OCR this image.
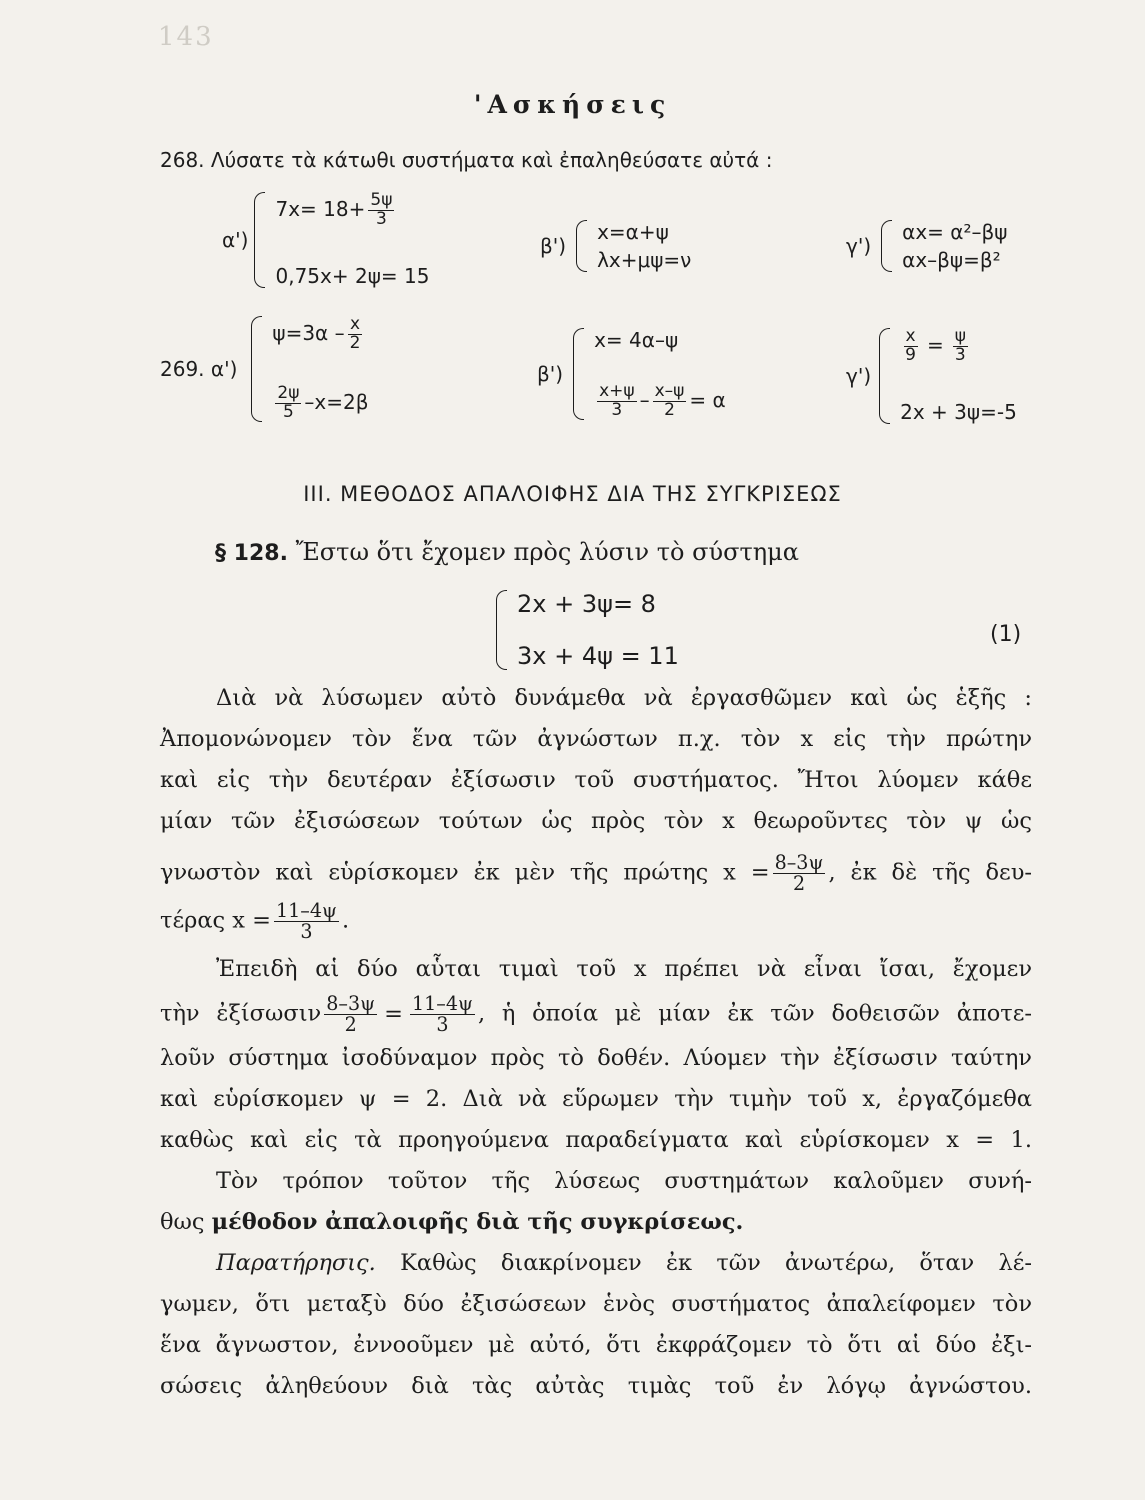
143
'Ασκήσεις
268. Λύσατε τὰ κάτωθι συστήματα καὶ ἐπαληθεύσατε αὐτά :
α')
$7x= 18+ \frac{5\psi}{3}$
0,75x+ 2ψ= 15
β')
x=α+ψ
λx+μψ=ν
γ')
αx= α²–βψ
αx–βψ=β²
269. α')
$\psi=3\alpha - \frac{x}{2}$
$\frac{2\psi}{5} -x=2\beta$
β')
x= 4α–ψ
$\frac{x+\psi}{3} - \frac{x-\psi}{2} = \alpha$
γ')
$\frac{x}{9} = \frac{\psi}{3}$
2x + 3ψ=-5
III. ΜΕΘΟΔΟΣ ΑΠΑΛΟΙΦΗΣ ΔΙΑ ΤΗΣ ΣΥΓΚΡΙΣΕΩΣ
§ 128. Ἔστω ὅτι ἔχομεν πρὸς λύσιν τὸ σύστημα
2x + 3ψ= 8
3x + 4ψ = 11
(1)
Διὰ νὰ λύσωμεν αὐτὸ δυνάμεθα νὰ ἐργασθῶμεν καὶ ὡς ἑξῆς :
Ἀπομονώνομεν τὸν ἕνα τῶν ἀγνώστων π.χ. τὸν x εἰς τὴν πρώτην
καὶ εἰς τὴν δευτέραν ἐξίσωσιν τοῦ συστήματος. Ἤτοι λύομεν κάθε
μίαν τῶν ἐξισώσεων τούτων ὡς πρὸς τὸν x θεωροῦντες τὸν ψ ὡς
γνωστὸν καὶ εὑρίσκομεν ἐκ μὲν τῆς πρώτης $x = \frac{8-3\psi}{2}$ , ἐκ δὲ τῆς δευ-
τέρας $x = \frac{11-4\psi}{3}$ .
Ἐπειδὴ αἱ δύο αὗται τιμαὶ τοῦ x πρέπει νὰ εἶναι ἴσαι, ἔχομεν
τὴν ἐξίσωσιν $\frac{8-3\psi}{2} = \frac{11-4\psi}{3}$ , ἡ ὁποία μὲ μίαν ἐκ τῶν δοθεισῶν ἀποτε-
λοῦν σύστημα ἰσοδύναμον πρὸς τὸ δοθέν. Λύομεν τὴν ἐξίσωσιν ταύτην
καὶ εὑρίσκομεν ψ = 2. Διὰ νὰ εὕρωμεν τὴν τιμὴν τοῦ x, ἐργαζόμεθα
καθὼς καὶ εἰς τὰ προηγούμενα παραδείγματα καὶ εὑρίσκομεν x = 1.
Τὸν τρόπον τοῦτον τῆς λύσεως συστημάτων καλοῦμεν συνή-
θως μέθοδον ἀπαλοιφῆς διὰ τῆς συγκρίσεως.
Παρατήρησις. Καθὼς διακρίνομεν ἐκ τῶν ἀνωτέρω, ὅταν λέ-
γωμεν, ὅτι μεταξὺ δύο ἐξισώσεων ἑνὸς συστήματος ἀπαλείφομεν τὸν
ἕνα ἄγνωστον, ἐννοοῦμεν μὲ αὐτό, ὅτι ἐκφράζομεν τὸ ὅτι αἱ δύο ἐξι-
σώσεις ἀληθεύουν διὰ τὰς αὐτὰς τιμὰς τοῦ ἐν λόγῳ ἀγνώστου.
